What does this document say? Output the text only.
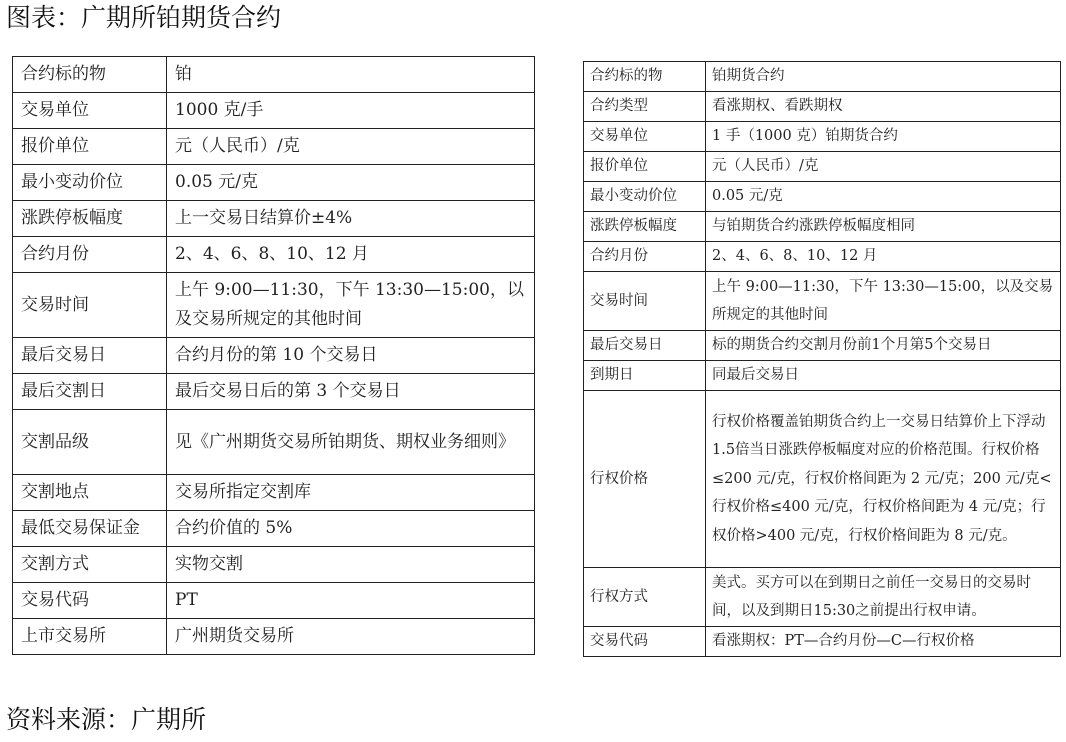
图表：广期所铂期货合约
合约标的物	铂
交易单位	1000 克/手
报价单位	元（人民币）/克
最小变动价位	0.05 元/克
涨跌停板幅度	上一交易日结算价±4%
合约月份	2、4、6、8、10、12 月
交易时间	上午 9:00—11:30，下午 13:30—15:00，以及交易所规定的其他时间
最后交易日	合约月份的第 10 个交易日
最后交割日	最后交易日后的第 3 个交易日
交割品级	见《广州期货交易所铂期货、期权业务细则》
交割地点	交易所指定交割库
最低交易保证金	合约价值的 5%
交割方式	实物交割
交易代码	PT
上市交易所	广州期货交易所
合约标的物	铂期货合约
合约类型	看涨期权、看跌期权
交易单位	1 手（1000 克）铂期货合约
报价单位	元（人民币）/克
最小变动价位	0.05 元/克
涨跌停板幅度	与铂期货合约涨跌停板幅度相同
合约月份	2、4、6、8、10、12 月
交易时间	上午 9:00—11:30，下午 13:30—15:00，以及交易所规定的其他时间
最后交易日	标的期货合约交割月份前1个月第5个交易日
到期日	同最后交易日
行权价格	行权价格覆盖铂期货合约上一交易日结算价上下浮动1.5倍当日涨跌停板幅度对应的价格范围。行权价格≤200 元/克，行权价格间距为 2 元/克；200 元/克<行权价格≤400 元/克，行权价格间距为 4 元/克；行权价格>400 元/克，行权价格间距为 8 元/克。
行权方式	美式。买方可以在到期日之前任一交易日的交易时间，以及到期日15:30之前提出行权申请。
交易代码	看涨期权：PT—合约月份—C—行权价格
资料来源：广期所
